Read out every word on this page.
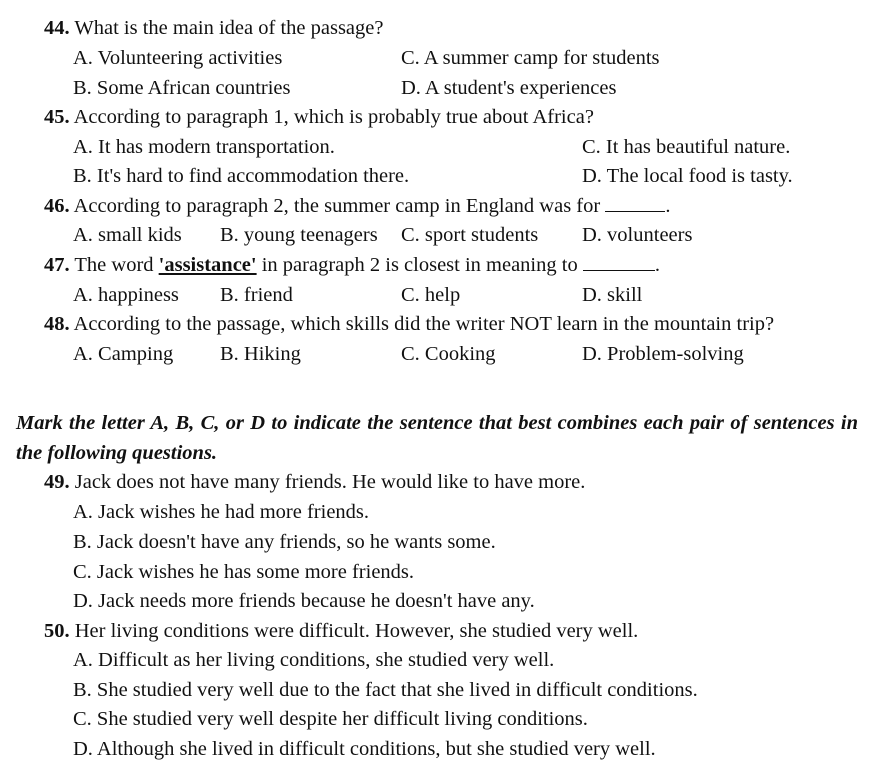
44. What is the main idea of the passage?
A. Volunteering activities	C. A summer camp for students
B. Some African countries	D. A student's experiences
45. According to paragraph 1, which is probably true about Africa?
A. It has modern transportation.	C. It has beautiful nature.
B. It's hard to find accommodation there.	D. The local food is tasty.
46. According to paragraph 2, the summer camp in England was for	.
A. small kids B. young teenagers C. sport students D. volunteers
47. The word 'assistance' in paragraph 2 is closest in meaning to	.
A. happiness B. friend	C. help	D. skill
48. According to the passage, which skills did the writer NOT learn in the mountain trip?
A. Camping B. Hiking	C. Cooking	D. Problem-solving
Mark the letter A, B, C, or D to indicate the sentence that best combines each pair of sentences in the following questions.
49. Jack does not have many friends. He would like to have more.
A. Jack wishes he had more friends.
B. Jack doesn't have any friends, so he wants some.
C. Jack wishes he has some more friends.
D. Jack needs more friends because he doesn't have any.
50. Her living conditions were difficult. However, she studied very well.
A. Difficult as her living conditions, she studied very well.
B. She studied very well due to the fact that she lived in difficult conditions.
C. She studied very well despite her difficult living conditions.
D. Although she lived in difficult conditions, but she studied very well.
